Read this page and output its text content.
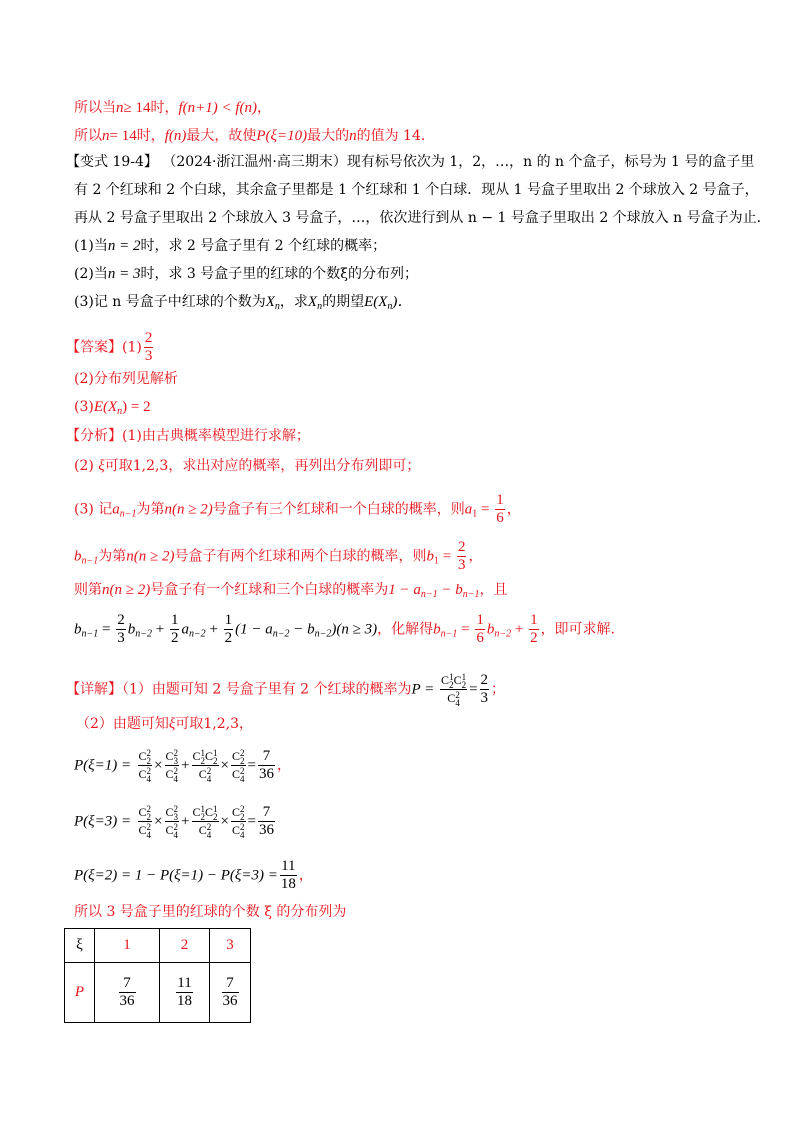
所以当n≥ 14时，f(n+1) < f(n)，
所以n= 14时，f(n)最大，故使P(ξ=10)最大的n的值为 14．
【变式 19-4】 （2024·浙江温州·高三期末）现有标号依次为 1，2，…，n 的 n 个盒子，标号为 1 号的盒子里
有 2 个红球和 2 个白球，其余盒子里都是 1 个红球和 1 个白球．现从 1 号盒子里取出 2 个球放入 2 号盒子，
再从 2 号盒子里取出 2 个球放入 3 号盒子，…，依次进行到从 n − 1 号盒子里取出 2 个球放入 n 号盒子为止．
(1)当n = 2时，求 2 号盒子里有 2 个红球的概率；
(2)当n = 3时，求 3 号盒子里的红球的个数ξ的分布列；
(3)记 n 号盒子中红球的个数为$X_n$，求$X_n$的期望$E(X_n)$．
【答案】$(1) \frac{2}{3}$
(2)分布列见解析
$(3)E(X_n) = 2$
【分析】(1)由古典概率模型进行求解；
(2) ξ可取1,2,3，求出对应的概率，再列出分布列即可；
(3) 记$a_{n-1}$为第n(n ≥ 2)号盒子有三个红球和一个白球的概率，则$a_1 = \frac{1}{6}$ ，
$b_{n-1}$为第n(n ≥ 2)号盒子有两个红球和两个白球的概率，则$b_1 = \frac{2}{3}$ ，
则第n(n ≥ 2)号盒子有一个红球和三个白球的概率为$1 - a_{n-1} - b_{n-1}$，且
$b_{n-1} = \frac{2}{3} b_{n-2} + \frac{1}{2} a_{n-2} + \frac{1}{2} (1 - a_{n-2} - b_{n-2})(n \ge 3)$，化解得$b_{n-1} = \frac{1}{6} b_{n-2} + \frac{1}{2}$ ，即可求解.
【详解】（1）由题可知 2 号盒子里有 2 个红球的概率为P = C 1
2 C 1
2
C 2
$4 = \frac{2}{3}$ ；
（2）由题可知ξ可取1,2,3，
P(ξ=1) = C 2
2
C 2
4 × C 2
3
C 2
4 + C 1
2 C 1
2
C 2
4 × C 2
2
C 2
$4 = \frac{7}{36}$ ，
P(ξ=3) = C 2
2
C 2
4 × C 2
3
C 2
4 + C 1
2 C 1
2
C 2
4 × C 2
2
C 2
$4 = \frac{7}{36}$
$P(\xi=2) = 1 - P(\xi=1) - P(\xi=3) = \frac{11}{18}$ ，
所以 3 号盒子里的红球的个数 ξ 的分布列为
ξ	1	2	3
P	$\frac{7}{36}$	$\frac{11}{18}$	$\frac{7}{36}$
